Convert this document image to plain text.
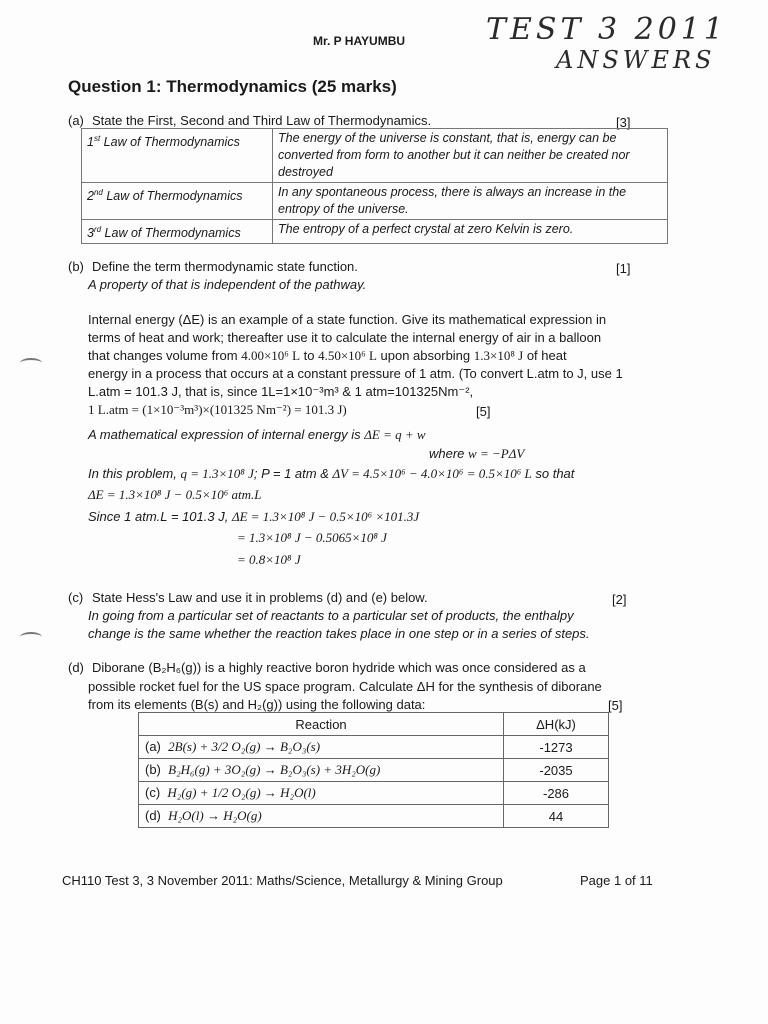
Mr. P HAYUMBU	TEST 3 2011
ANSWERS
Question 1: Thermodynamics (25 marks)
(a) State the First, Second and Third Law of Thermodynamics.	[3]
1st Law of Thermodynamics	The energy of the universe is constant, that is, energy can be converted from form to another but it can neither be created nor destroyed
2nd Law of Thermodynamics	In any spontaneous process, there is always an increase in the entropy of the universe.
3rd Law of Thermodynamics	The entropy of a perfect crystal at zero Kelvin is zero.
(b) Define the term thermodynamic state function.	[1]
A property of that is independent of the pathway.
Internal energy (ΔE) is an example of a state function. Give its mathematical expression in
terms of heat and work; thereafter use it to calculate the internal energy of air in a balloon
that changes volume from 4.00×10⁶ L to 4.50×10⁶ L upon absorbing 1.3×10⁸ J of heat
energy in a process that occurs at a constant pressure of 1 atm. (To convert L.atm to J, use 1
L.atm = 101.3 J, that is, since 1L=1×10⁻³m³ & 1 atm=101325Nm⁻²,
1 L.atm = (1×10⁻³m³)×(101325 Nm⁻²) = 101.3 J)	[5]
A mathematical expression of internal energy is ΔE = q + w
where w = −PΔV
In this problem, q = 1.3×10⁸ J; P = 1 atm & ΔV = 4.5×10⁶ − 4.0×10⁶ = 0.5×10⁶ L so that
ΔE = 1.3×10⁸ J − 0.5×10⁶ atm.L
Since 1 atm.L = 101.3 J, ΔE = 1.3×10⁸ J − 0.5×10⁶ ×101.3J
= 1.3×10⁸ J − 0.5065×10⁸ J
= 0.8×10⁸ J
(c) State Hess's Law and use it in problems (d) and (e) below.	[2]
In going from a particular set of reactants to a particular set of products, the enthalpy
change is the same whether the reaction takes place in one step or in a series of steps.
(d) Diborane (B₂H₆(g)) is a highly reactive boron hydride which was once considered as a
possible rocket fuel for the US space program. Calculate ΔH for the synthesis of diborane
from its elements (B(s) and H₂(g)) using the following data:	[5]
Reaction	ΔH(kJ)
(a) 2B(s) + 3/2 O₂(g) → B₂O₃(s)	-1273
(b) B₂H₆(g) + 3O₂(g) → B₂O₃(s) + 3H₂O(g)	-2035
(c) H₂(g) + 1/2 O₂(g) → H₂O(l)	-286
(d) H₂O(l) → H₂O(g)	44
CH110 Test 3, 3 November 2011: Maths/Science, Metallurgy & Mining Group	Page 1 of 11
